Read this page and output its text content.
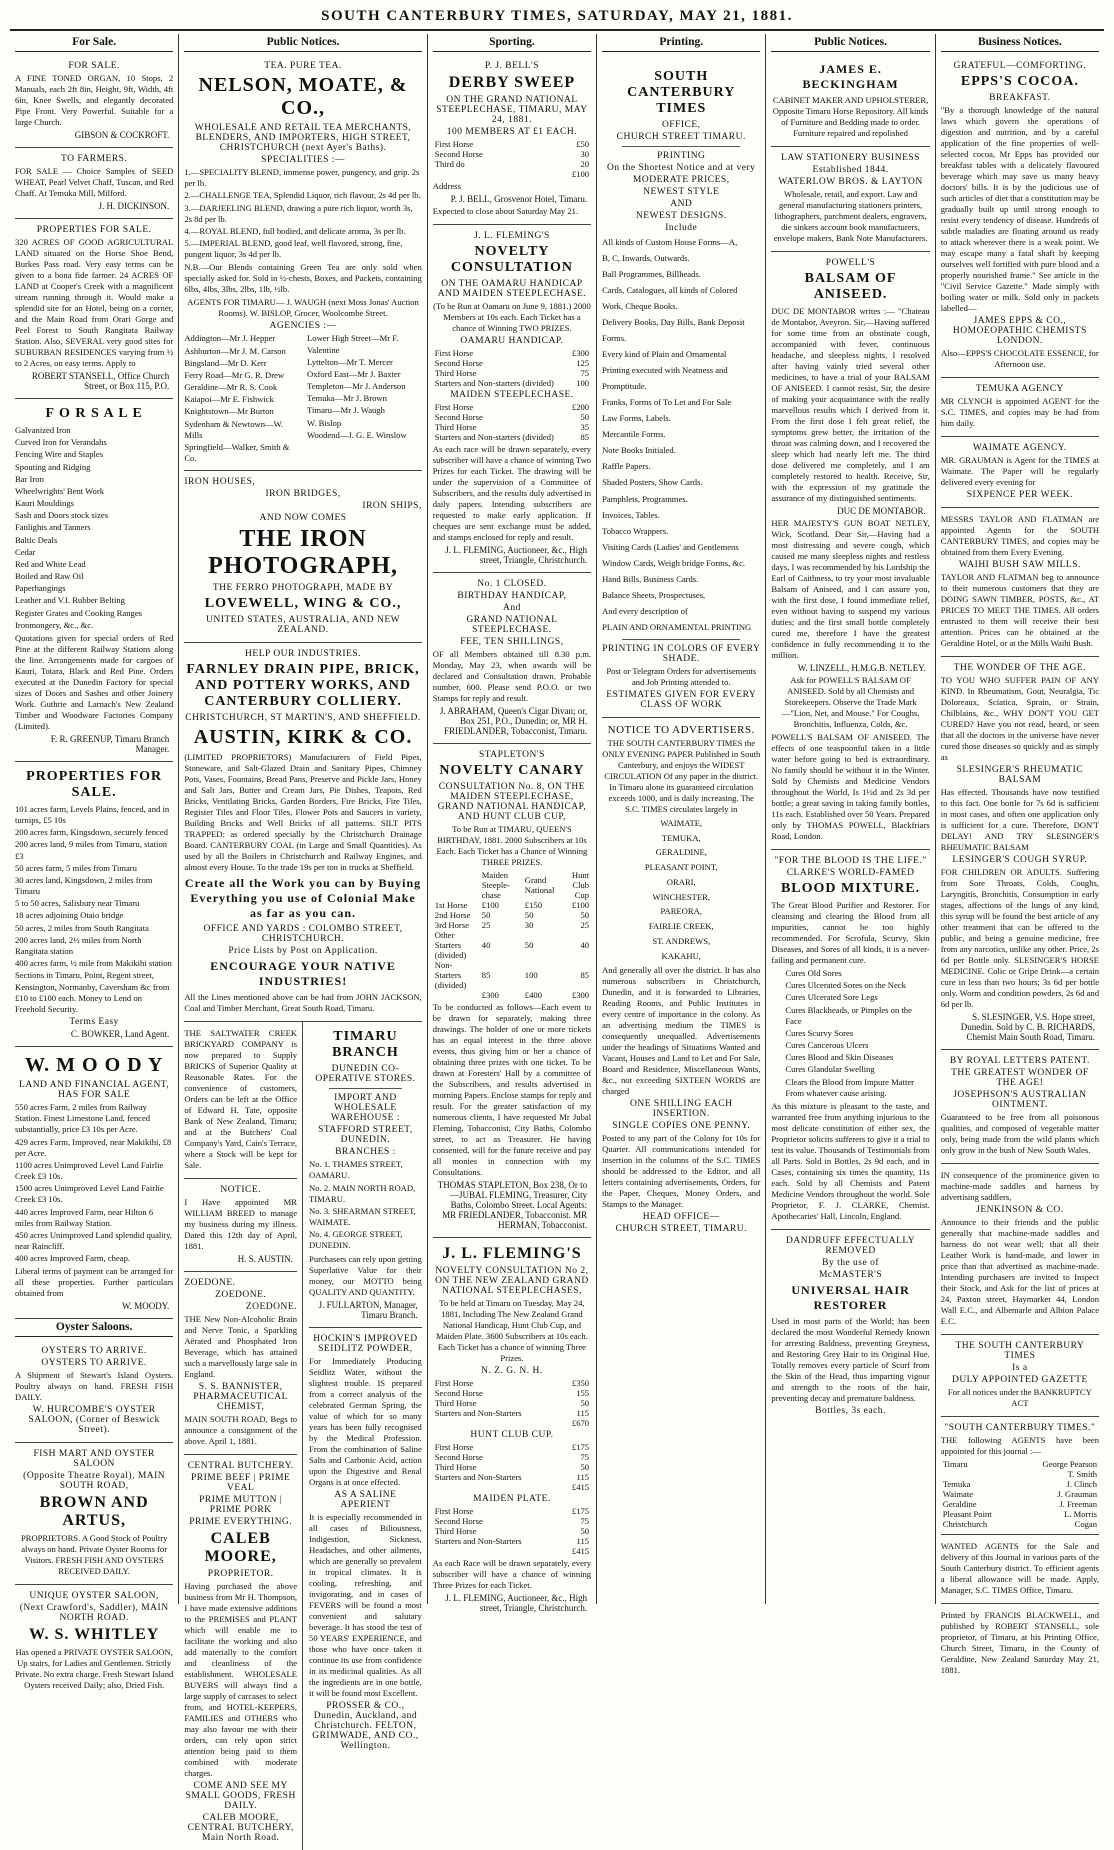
SOUTH CANTERBURY TIMES, SATURDAY, MAY 21, 1881.
For Sale.
FOR SALE.

A FINE TONED ORGAN, 10 Stops, 2 Manuals, each 2ft 8in, Height, 9ft, Width, 4ft 6in, Knee Swells, and elegantly decorated Pipe Front. Very Powerful. Suitable for a large Church.

GIBSON & COCKROFT.
TO FARMERS.

FOR SALE — Choice Samples of SEED WHEAT, Pearl Velvet Chaff, Tuscan, and Red Chaff. At Temuka Mill, Milford.

J. H. DICKINSON.
PROPERTIES FOR SALE.

320 ACRES OF GOOD AGRICULTURAL LAND situated on the Horse Shoe Bend, Burkes Pass road. Very easy terms can be given to a bona fide farmer. 24 ACRES OF LAND at Cooper's Creek with a magnificent stream running through it. Would make a splendid site for an Hotel, being on a corner, and the Main Road from Orari Gorge and Peel Forest to South Rangitata Railway Station. Also, SEVERAL very good sites for SUBURBAN RESIDENCES varying from ½ to 2 Acres, on easy terms. Apply to

ROBERT STANSELL, Office Church Street, or Box 115, P.O.
F O R S A L E
Galvanized Iron
Curved Iron for Verandahs
Fencing Wire and Staples
Spouting and Ridging
Bar Iron
Wheelwrights' Bent Work
Kauri Mouldings
Sash and Doors stock sizes
Fanlights and Tanners
Baltic Deals
Cedar
Red and White Lead
Boiled and Raw Oil
Paperhangings
Leather and V.I. Rubber Belting
Register Grates and Cooking Ranges
Ironmongery, &c., &c.

Quotations given for special orders of Red Pine at the different Railway Stations along the line. Arrangements made for cargoes of Kauri, Totara, Black and Red Pine. Orders executed at the Dunedin Factory for special sizes of Doors and Sashes and other Joinery Work. Guthrie and Larnach's New Zealand Timber and Woodware Factories Company (Limited).

F. R. GREENUP, Timaru Branch Manager.
PROPERTIES FOR SALE.
101 acres farm, Levels Plains, fenced, and in turnips, £5 10s
200 acres farm, Kingsdown, securely fenced
200 acres land, 9 miles from Timaru, station £3
50 acres farm, 5 miles from Timaru
30 acres land, Kingsdown, 2 miles from Timaru
5 to 50 acres, Salisbury near Timaru
18 acres adjoining Otaio bridge
50 acres, 2 miles from South Rangitata
200 acres land, 2½ miles from North Rangitata station
400 acres farm, ½ mile from Makikihi station
Sections in Timaru, Point, Regent street, Kensington, Normanby, Caversham &c from £10 to £100 each. Money to Lend on Freehold Security.
Terms Easy
C. BOWKER, Land Agent.
W. M O O D Y
LAND AND FINANCIAL AGENT, HAS FOR SALE
550 acres Farm, 2 miles from Railway Station. Finest Limestone Land, fenced substantially, price £3 10s per Acre.
429 acres Farm, Improved, near Makikihi, £8 per Acre.
1100 acres Unimproved Level Land Fairlie Creek £3 10s.
1500 acres Unimproved Level Land Fairlie Creek £3 10s.
440 acres Improved Farm, near Hilton 6 miles from Railway Station.
450 acres Unimproved Land splendid quality, near Raincliff.
400 acres Improved Farm, cheap.

Liberal terms of payment can be arranged for all these properties. Further particulars obtained from

W. MOODY.
Oyster Saloons.
OYSTERS TO ARRIVE.
OYSTERS TO ARRIVE.

A Shipment of Stewart's Island Oysters. Poultry always on hand. FRESH FISH DAILY.

W. HURCOMBE'S OYSTER SALOON, (Corner of Beswick Street).
FISH MART AND OYSTER SALOON
(Opposite Theatre Royal), MAIN SOUTH ROAD,
BROWN AND ARTUS,

PROPRIETORS. A Good Stock of Poultry always on hand. Private Oyster Rooms for Visitors. FRESH FISH AND OYSTERS RECEIVED DAILY.

UNIQUE OYSTER SALOON,
(Next Crawford's, Saddler), MAIN NORTH ROAD.
W. S. WHITLEY

Has opened a PRIVATE OYSTER SALOON, Up stairs, for Ladies and Gentlemen. Strictly Private. No extra charge. Fresh Stewart Island Oysters received Daily; also, Dried Fish.

Public Notices.
TEA. PURE TEA.
NELSON, MOATE, & CO.,
WHOLESALE AND RETAIL TEA MERCHANTS, BLENDERS, AND IMPORTERS, HIGH STREET, CHRISTCHURCH (next Ayer's Baths).
SPECIALITIES :—
1.—SPECIALITY BLEND, immense power, pungency, and grip. 2s per lb.
2.—CHALLENGE TEA, Splendid Liquor, rich flavour, 2s 4d per lb.
3.—DARJEELING BLEND, drawing a pure rich liquor, worth 3s, 2s 8d per lb.
4.—ROYAL BLEND, full bodied, and delicate aroma, 3s per lb.
5.—IMPERIAL BLEND, good leaf, well flavored, strong, fine, pungent liquor, 3s 4d per lb.

N.B.—Our Blends containing Green Tea are only sold when specially asked for. Sold in ½-chests, Boxes, and Packets, containing 6lbs, 4lbs, 3lbs, 2lbs, 1lb, ½lb.

AGENTS FOR TIMARU— J. WAUGH (next Moss Jonas' Auction Rooms). W. BISLOP, Grocer, Woolcombe Street.

AGENCIES :—
Addington—Mr J. Hepper
Ashburton—Mr J. M. Carson
Bingsland—Mr D. Kerr
Ferry Road—Mr G. R. Drew
Geraldine—Mr R. S. Cook
Kaiapoi—Mr E. Fishwick
Knightstown—Mr Burton
Sydenham & Newtown—W. Mills
Springfield—Walker, Smith & Co.
Lower High Street—Mr F. Valentine
Lyttelton—Mr T. Mercer
Oxford East—Mr J. Baxter
Templeton—Mr J. Anderson
Temuka—Mr J. Brown
Timaru—Mr J. Waugh
W. Bislop
Woodend—J. G. E. Winslow
IRON HOUSES,
IRON BRIDGES,
IRON SHIPS,
AND NOW COMES
THE IRON PHOTOGRAPH,
THE FERRO PHOTOGRAPH, MADE BY
LOVEWELL, WING & CO.,
UNITED STATES, AUSTRALIA, AND NEW ZEALAND.
HELP OUR INDUSTRIES.
FARNLEY DRAIN PIPE, BRICK, AND POTTERY WORKS, AND CANTERBURY COLLIERY.
CHRISTCHURCH, ST MARTIN'S, AND SHEFFIELD.
AUSTIN, KIRK & CO.

(LIMITED PROPRIETORS) Manufacturers of Field Pipes, Stoneware, and Salt-Glazed Drain and Sanitary Pipes, Chimney Pots, Vases, Fountains, Bread Pans, Preserve and Pickle Jars, Honey and Salt Jars, Butter and Cream Jars, Pie Dishes, Teapots, Red Bricks, Ventilating Bricks, Garden Borders, Fire Bricks, Fire Tiles, Register Tiles and Floor Tiles, Flower Pots and Saucers in variety, Building Bricks and Well Bricks of all patterns. SILT PITS TRAPPED: as ordered specially by the Christchurch Drainage Board. CANTERBURY COAL (in Large and Small Quantities). As used by all the Boilers in Christchurch and Railway Engines, and almost every House. To the trade 19s per ton in trucks at Sheffield.

Create all the Work you can by Buying Everything you use of Colonial Make as far as you can.
OFFICE AND YARDS : COLOMBO STREET, CHRISTCHURCH.
Price Lists by Post on Application.
ENCOURAGE YOUR NATIVE INDUSTRIES!

All the Lines mentioned above can be had from JOHN JACKSON, Coal and Timber Merchant, Great South Road, Timaru.

THE SALTWATER CREEK BRICKYARD COMPANY is now prepared to Supply BRICKS of Superior Quality at Reasonable Rates. For the convenience of customers, Orders can be left at the Office of Edward H. Tate, opposite Bank of New Zealand, Timaru; and at the Butchers' Coal Company's Yard, Cain's Terrace, where a Stock will be kept for Sale.

NOTICE.

I Have appointed MR WILLIAM BREED to manage my business during my illness. Dated this 12th day of April, 1881.

H. S. AUSTIN.
ZOEDONE.
ZOEDONE.
ZOEDONE.

THE New Non-Alcoholic Brain and Nerve Tonic, a Sparkling Aërated and Phosphated Iron Beverage, which has attained such a marvellously large sale in England.

S. S. BANNISTER, PHARMACEUTICAL CHEMIST,

MAIN SOUTH ROAD, Begs to announce a consignment of the above. April 1, 1881.

CENTRAL BUTCHERY.
PRIME BEEF | PRIME VEAL
PRIME MUTTON | PRIME PORK
PRIME EVERYTHING.
CALEB MOORE,
PROPRIETOR.

Having purchased the above business from Mr H. Thompson, I have made extensive additions to the PREMISES and PLANT which will enable me to facilitate the working and also add materially to the comfort and cleanliness of the establishment. WHOLESALE BUYERS will always find a large supply of carcases to select from, and HOTEL-KEEPERS, FAMILIES and OTHERS who may also favour me with their orders, can rely upon strict attention being paid to them combined with moderate charges.

COME AND SEE MY SMALL GOODS, FRESH DAILY.
CALEB MOORE, CENTRAL BUTCHERY, Main North Road.
TIMARU BRANCH
DUNEDIN CO-OPERATIVE STORES.
IMPORT AND WHOLESALE WAREHOUSE :
STAFFORD STREET, DUNEDIN.
BRANCHES :
No. 1. THAMES STREET, OAMARU.
No. 2. MAIN NORTH ROAD, TIMARU.
No. 3. SHEARMAN STREET, WAIMATE.
No. 4. GEORGE STREET, DUNEDIN.

Purchasers can rely upon getting Superlative Value for their money, our MOTTO being QUALITY AND QUANTITY.

J. FULLARTON, Manager, Timaru Branch.
HOCKIN'S IMPROVED SEIDLITZ POWDER,

For Immediately Producing Seidlitz Water, without the slightest trouble. IS prepared from a correct analysis of the celebrated German Spring, the value of which for so many years has been fully recognised by the Medical Profession. From the combination of Saline Salts and Carbonic Acid, action upon the Digestive and Renal Organs is at once effected.

AS A SALINE APERIENT

It is especially recommended in all cases of Biliousness, Indigestion, Sickness, Headaches, and other ailments, which are generally so prevalent in tropical climates. It is cooling, refreshing, and invigorating, and in cases of FEVERS will be found a most convenient and salutary beverage. It has stood the test of 50 YEARS' EXPERIENCE, and those who have once taken it continue its use from confidence in its medicinal qualities. As all the ingredients are in one bottle, it will be found most Excellent.

PROSSER & CO., Dunedin, Auckland, and Christchurch. FELTON, GRIMWADE, AND CO., Wellington.
Sporting.
P. J. BELL'S
DERBY SWEEP
ON THE GRAND NATIONAL STEEPLECHASE, TIMARU, MAY 24, 1881.
100 MEMBERS AT £1 EACH.
First Horse	£50
Second Horse	30
Third do	20
	£100
Address
P. J. BELL, Grosvenor Hotel, Timaru.

Expected to close about Saturday May 21.

J. L. FLEMING'S
NOVELTY CONSULTATION
ON THE OAMARU HANDICAP AND MAIDEN STEEPLECHASE.

(To be Run at Oamaru on June 9, 1881.) 2000 Members at 10s each. Each Ticket has a chance of Winning TWO PRIZES.

OAMARU HANDICAP.
First Horse	£300
Second Horse	125
Third Horse	75
Starters and Non-starters (divided)	100
MAIDEN STEEPLECHASE.
First Horse	£200
Second Horse	50
Third Horse	35
Starters and Non-starters (divided)	85

As each race will be drawn separately, every subscriber will have a chance of winning Two Prizes for each Ticket. The drawing will be under the supervision of a Committee of Subscribers, and the results duly advertised in daily papers. Intending subscribers are requested to make early application. If cheques are sent exchange must be added, and stamps enclosed for reply and result.

J. L. FLEMING, Auctioneer, &c., High street, Triangle, Christchurch.
No. 1 CLOSED.
BIRTHDAY HANDICAP,
And
GRAND NATIONAL STEEPLECHASE.
FEE, TEN SHILLINGS,

OF all Members obtained till 8.30 p.m. Monday, May 23, when awards will be declared and Consultation drawn. Probable number, 600. Please send P.O.O. or two Stamps for reply and result.

J. ABRAHAM, Queen's Cigar Divan; or, Box 251, P.O., Dunedin; or, MR H. FRIEDLANDER, Tobacconist, Timaru.
STAPLETON'S
NOVELTY CANARY
CONSULTATION No. 8, ON THE MAIDEN STEEPLECHASE, GRAND NATIONAL HANDICAP, AND HUNT CLUB CUP,

To be Run at TIMARU, QUEEN'S BIRTHDAY, 1881. 2000 Subscribers at 10s Each. Each Ticket has a Chance of Winning THREE PRIZES.

	Maiden Steeple-chase	Grand National	Hunt Club Cup
1st Horse	£100	£150	£100
2nd Horse	50	50	50
3rd Horse	25	30	25
Other Starters (divided)	40	50	40
Non-Starters (divided)	85	100	85
	£300	£400	£300

To be conducted as follows—Each event to be drawn for separately, making three drawings. The holder of one or more tickets has an equal interest in the three above events, thus giving him or her a chance of obtaining three prizes with one ticket. To be drawn at Foresters' Hall by a committee of the Subscribers, and results advertised in morning Papers. Enclose stamps for reply and result. For the greater satisfaction of my numerous clients, I have requested Mr Jubal Fleming, Tobacconist, City Baths, Colombo street, to act as Treasurer. He having consented, will for the future receive and pay all monies in connection with my Consultations.

THOMAS STAPLETON, Box 238, Or to—JUBAL FLEMING, Treasurer, City Baths, Colombo Street. Local Agents: MR FRIEDLANDER, Tobacconist. MR HERMAN, Tobacconist.
J. L. FLEMING'S
NOVELTY CONSULTATION No 2, ON THE NEW ZEALAND GRAND NATIONAL STEEPLECHASES,

To be held at Timaru on Tuesday, May 24, 1881, Including The New Zealand Grand National Handicap, Hunt Club Cup, and Maiden Plate. 3600 Subscribers at 10s each. Each Ticket has a chance of winning Three Prizes.

N. Z. G. N. H.
First Horse	£350
Second Horse	155
Third Horse	50
Starters and Non-Starters	115
	£670
HUNT CLUB CUP.
First Horse	£175
Second Horse	75
Third Horse	50
Starters and Non-Starters	115
	£415
MAIDEN PLATE.
First Horse	£175
Second Horse	75
Third Horse	50
Starters and Non-Starters	115
	£415

As each Race will be drawn separately, every subscriber will have a chance of winning Three Prizes for each Ticket.

J. L. FLEMING, Auctioneer, &c., High street, Triangle, Christchurch.
Printing.
SOUTH CANTERBURY TIMES
OFFICE,
CHURCH STREET TIMARU.
PRINTING
On the Shortest Notice and at very
MODERATE PRICES,
NEWEST STYLE
AND
NEWEST DESIGNS.
Include
All kinds of Custom House Forms—A,
B, C, Inwards, Outwards.
Ball Programmes, Billheads.
Cards, Catalogues, all kinds of Colored
Work, Cheque Books.
Delivery Books, Day Bills, Bank Deposit
Forms.
Every kind of Plain and Ornamental
Printing executed with Neatness and
Promptitude.
Franks, Forms of To Let and For Sale
Law Forms, Labels.
Mercantile Forms.
Note Books Initialed.
Raffle Papers.
Shaded Posters, Show Cards.
Pamphlets, Programmes.
Invoices, Tables.
Tobacco Wrappers.
Visiting Cards (Ladies' and Gentlemens
Window Cards, Weigh bridge Forms, &c.
Hand Bills, Business Cards.
Balance Sheets, Prospectuses,
And every description of
PLAIN AND ORNAMENTAL PRINTING
PRINTING IN COLORS OF EVERY SHADE.

Post or Telegram Orders for advertisements and Job Printing attended to.

ESTIMATES GIVEN FOR EVERY CLASS OF WORK
NOTICE TO ADVERTISERS.

THE SOUTH CANTERBURY TIMES the ONLY EVENING PAPER Published in South Canterbury, and enjoys the WIDEST CIRCULATION Of any paper in the district. In Timaru alone its guaranteed circulation exceeds 1000, and is daily increasing. The S.C. TIMES circulates largely in

WAIMATE,
TEMUKA,
GERALDINE,
PLEASANT POINT,
ORARI,
WINCHESTER,
PAREORA,
FAIRLIE CREEK,
ST. ANDREWS,
KAKAHU,

And generally all over the district. It has also numerous subscribers in Christchurch, Dunedin, and it is forwarded to Libraries, Reading Rooms, and Public Institutes in every centre of importance in the colony. As an advertising medium the TIMES is consequently unequalled. Advertisements under the headings of Situations Wanted and Vacant, Houses and Land to Let and For Sale, Board and Residence, Miscellaneous Wants, &c., not exceeding SIXTEEN WORDS are charged

ONE SHILLING EACH INSERTION.
SINGLE COPIES ONE PENNY.

Posted to any part of the Colony for 10s for Quarter. All communications intended for insertion in the columns of the S.C. TIMES should be addressed to the Editor, and all letters containing advertisements, Orders, for the Paper, Cheques, Money Orders, and Stamps to the Manager.

HEAD OFFICE—
CHURCH STREET, TIMARU.
Public Notices.
JAMES E. BECKINGHAM

CABINET MAKER AND UPHOLSTERER, Opposite Timaru Horse Repository. All kinds of Furniture and Bedding made to order. Furniture repaired and repolished

LAW STATIONERY BUSINESS
Established 1844.
WATERLOW BROS. & LAYTON

Wholesale, retail, and export. Law and general manufacturing stationers printers, lithographers, parchment dealers, engravers, die sinkers account book manufacturers, envelope makers, Bank Note Manufacturers.

POWELL'S
BALSAM OF ANISEED.

DUC DE MONTABOR writes :— "Chateau de Montabor, Aveyron. Sir,—Having suffered for some time from an obstinate cough, accompanied with fever, continuous headache, and sleepless nights, I resolved after having vainly tried several other medicines, to have a trial of your BALSAM OF ANISEED. I cannot resist, Sir, the desire of making your acquaintance with the really marvellous results which I derived from it. From the first dose I felt great relief, the symptoms grew better, the irritation of the throat was calming down, and I recovered the sleep which had nearly left me. The third dose delivered me completely, and I am completely restored to health. Receive, Sir, with the expression of my gratitude the assurance of my distinguished sentiments.

DUC DE MONTABOR.

HER MAJESTY'S GUN BOAT NETLEY, Wick, Scotland. Dear Sir,—Having had a most distressing and severe cough, which caused me many sleepless nights and restless days, I was recommended by his Lordship the Earl of Caithness, to try your most invaluable Balsam of Aniseed, and I can assure you, with the first dose, I found immediate relief, even without having to suspend my various duties; and the first small bottle completely cured me, therefore I have the greatest confidence in fully recommending it to the million.

W. LINZELL, H.M.G.B. NETLEY.

Ask for POWELL'S BALSAM OF ANISEED. Sold by all Chemists and Storekeepers. Observe the Trade Mark—"Lion, Net, and Mouse." For Coughs, Bronchitis, Influenza, Colds, &c.

POWELL'S BALSAM OF ANISEED. The effects of one teaspoonful taken in a little water before going to bed is extraordinary. No family should be without it in the Winter. Sold by Chemists and Medicine Vendors throughout the World, Is 1½d and 2s 3d per bottle; a great saving in taking family bottles, 11s each. Established over 50 Years. Prepared only by THOMAS POWELL, Blackfriars Road, London.

"FOR THE BLOOD IS THE LIFE."
CLARKE'S WORLD-FAMED
BLOOD MIXTURE.

The Great Blood Purifier and Restorer. For cleansing and clearing the Blood from all impurities, cannot be too highly recommended. For Scrofula, Scurvy, Skin Diseases, and Sores of all kinds, it is a never-failing and permanent cure.

Cures Old Sores
Cures Ulcerated Sores on the Neck
Cures Ulcerated Sore Legs
Cures Blackheads, or Pimples on the Face
Cures Scurvy Sores
Cures Cancerous Ulcers
Cures Blood and Skin Diseases
Cures Glandular Swelling
Clears the Blood from Impure Matter From whatever cause arising.

As this mixture is pleasant to the taste, and warranted free from anything injurious to the most delicate constitution of either sex, the Proprietor solicits sufferers to give it a trial to test its value. Thousands of Testimonials from all Parts. Sold in Bottles, 2s 9d each, and in Cases, containing six times the quantity, 11s each. Sold by all Chemists and Patent Medicine Vendors throughout the world. Sole Proprietor, F. J. CLARKE, Chemist. Apothecaries' Hall, Lincoln, England.

DANDRUFF EFFECTUALLY REMOVED
By the use of
McMASTER'S
UNIVERSAL HAIR RESTORER

Used in most parts of the World; has been declared the most Wonderful Remedy known for arresting Baldness, preventing Greyness, and Restoring Grey Hair to its Original Hue. Totally removes every particle of Scurf from the Skin of the Head, thus imparting vigour and strength to the roots of the hair, preventing decay and premature baldness.

Bottles, 3s each.
Business Notices.
GRATEFUL—COMFORTING.
EPPS'S COCOA.
BREAKFAST.

"By a thorough knowledge of the natural laws which govern the operations of digestion and nutrition, and by a careful application of the fine properties of well-selected cocoa, Mr Epps has provided our breakfast tables with a delicately flavoured beverage which may save us many heavy doctors' bills. It is by the judicious use of such articles of diet that a constitution may be gradually built up until strong enough to resist every tendency of disease. Hundreds of subtle maladies are floating around us ready to attack wherever there is a weak point. We may escape many a fatal shaft by keeping ourselves well fortified with pure blood and a properly nourished frame." See article in the "Civil Service Gazette." Made simply with boiling water or milk. Sold only in packets labelled—

JAMES EPPS & CO., HOMOEOPATHIC CHEMISTS LONDON.

Also—EPPS'S CHOCOLATE ESSENCE, for Afternoon use.

TEMUKA AGENCY

MR CLYNCH is appointed AGENT for the S.C. TIMES, and copies may be had from him daily.

WAIMATE AGENCY.

MR. GRAUMAN is Agent for the TIMES at Waimate. The Paper will be regularly delivered every evening for

SIXPENCE PER WEEK.

MESSRS TAYLOR AND FLATMAN are appointed Agents for the SOUTH CANTERBURY TIMES, and copies may be obtained from them Every Evening.

WAIHI BUSH SAW MILLS.

TAYLOR AND FLATMAN beg to announce to their numerous customers that they are DOING SAWN TIMBER, POSTS, &c., AT PRICES TO MEET THE TIMES. All orders entrusted to them will receive their best attention. Prices can be obtained at the Geraldine Hotel, or at the Mills Waihi Bush.

THE WONDER OF THE AGE.

TO YOU WHO SUFFER PAIN OF ANY KIND. In Rheumatism, Gout, Neuralgia, Tic Doloreaux, Sciatica, Sprain, or Strain, Chilblains, &c., WHY DON'T YOU GET CURED? Have you not read, heard, or seen that all the doctors in the universe have never cured those diseases so quickly and as simply as

SLESINGER'S RHEUMATIC BALSAM

Has effected. Thousands have now testified to this fact. One bottle for 7s 6d is sufficient in most cases, and often one application only is sufficient for a cure. Therefore, DON'T DELAY! AND TRY SLESINGER'S RHEUMATIC BALSAM

LESINGER'S COUGH SYRUP.

FOR CHILDREN OR ADULTS. Suffering from Sore Throats, Colds, Coughs, Laryngitis, Bronchitis, Consumption in early stages, affections of the lungs of any kind, this syrup will be found the best article of any other treatment that can be offered to the public, and being a genuine medicine, free from any narcotics, unlike any other. Price, 2s 6d per Bottle only. SLESINGER'S HORSE MEDICINE. Colic or Gripe Drink—a certain cure in less than two hours; 3s 6d per bottle only. Worm and condition powders, 2s 6d and 6d per lb.

S. SLESINGER, V.S. Hope street, Dunedin. Sold by C. B. RICHARDS, Chemist Main South Road, Timaru.
BY ROYAL LETTERS PATENT.
THE GREATEST WONDER OF THE AGE!
JOSEPHSON'S AUSTRALIAN OINTMENT.

Guaranteed to be free from all poisonous qualities, and composed of vegetable matter only, being made from the wild plants which only grow in the bush of New South Wales.

IN consequence of the prominence given to machine-made saddles and harness by advertising saddlers,

JENKINSON & CO.

Announce to their friends and the public generally that machine-made saddles and harness do not wear well; that all their Leather Work is hand-made, and lower in price than that advertised as machine-made. Intending purchasers are invited to Inspect their Stock, and Ask for the list of prices at 24, Paxton street, Haymarket 44, London Wall E.C., and Albemarle and Albion Palace E.C.

THE SOUTH CANTERBURY TIMES
Is a
DULY APPOINTED GAZETTE

For all notices under the BANKRUPTCY ACT

"SOUTH CANTERBURY TIMES."

THE following AGENTS have been appointed for this journal :—

Timaru	George Pearson
	T. Smith
Temuka	J. Clinch
Waimate	J. Grauman
Geraldine	J. Freeman
Pleasant Point	L. Morris
Christchurch	Cogan

WANTED AGENTS for the Sale and delivery of this Journal in various parts of the South Canterbury district. To efficient agents a liberal allowance will be made. Apply, Manager, S.C. TIMES Office, Timaru.

Printed by FRANCIS BLACKWELL, and published by ROBERT STANSELL, sole proprietor, of Timaru, at his Printing Office, Church Street, Timaru, in the County of Geraldine, New Zealand Saturday May 21, 1881.
